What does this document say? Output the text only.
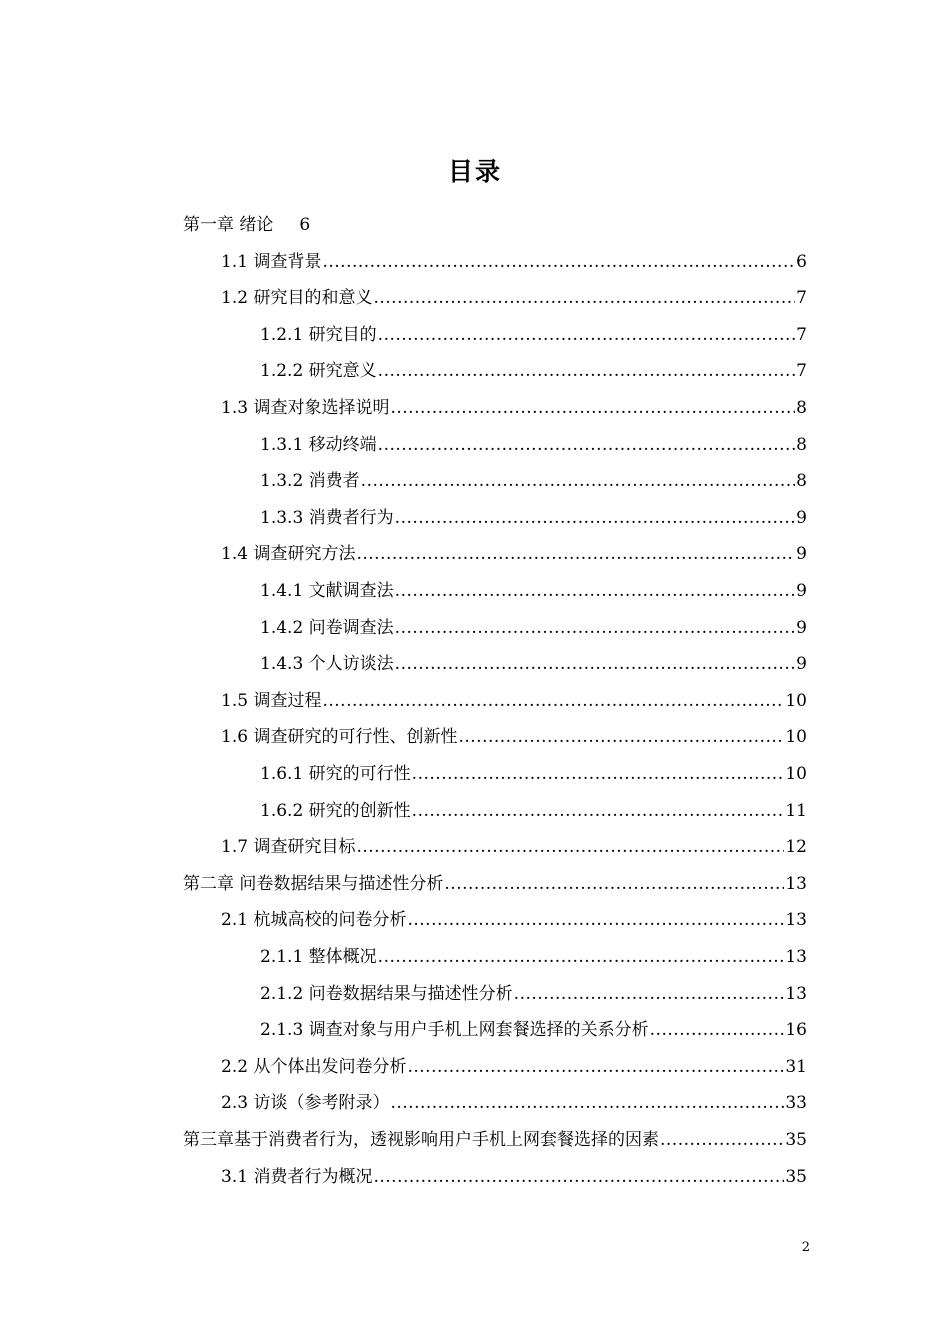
目录
第一章 绪论 6
1.1 调查背景 .....	6
1.2 研究目的和意义 .....	7
1.2.1 研究目的 .....	7
1.2.2 研究意义 .....	7
1.3 调查对象选择说明 .....	8
1.3.1 移动终端 .....	8
1.3.2 消费者 .....	8
1.3.3 消费者行为 .....	9
1.4 调查研究方法 .....	9
1.4.1 文献调查法 .....	9
1.4.2 问卷调查法 .....	9
1.4.3 个人访谈法 .....	9
1.5 调查过程 .....	10
1.6 调查研究的可行性、创新性 .....	10
1.6.1 研究的可行性 .....	10
1.6.2 研究的创新性 .....	11
1.7 调查研究目标 .....	12
第二章 问卷数据结果与描述性分析 .....	13
2.1 杭城高校的问卷分析 .....	13
2.1.1 整体概况 .....	13
2.1.2 问卷数据结果与描述性分析 .....	13
2.1.3 调查对象与用户手机上网套餐选择的关系分析 .....	16
2.2 从个体出发问卷分析 .....	31
2.3 访谈（参考附录） .....	33
第三章基于消费者行为，透视影响用户手机上网套餐选择的因素 .....	35
3.1 消费者行为概况 .....	35
2
